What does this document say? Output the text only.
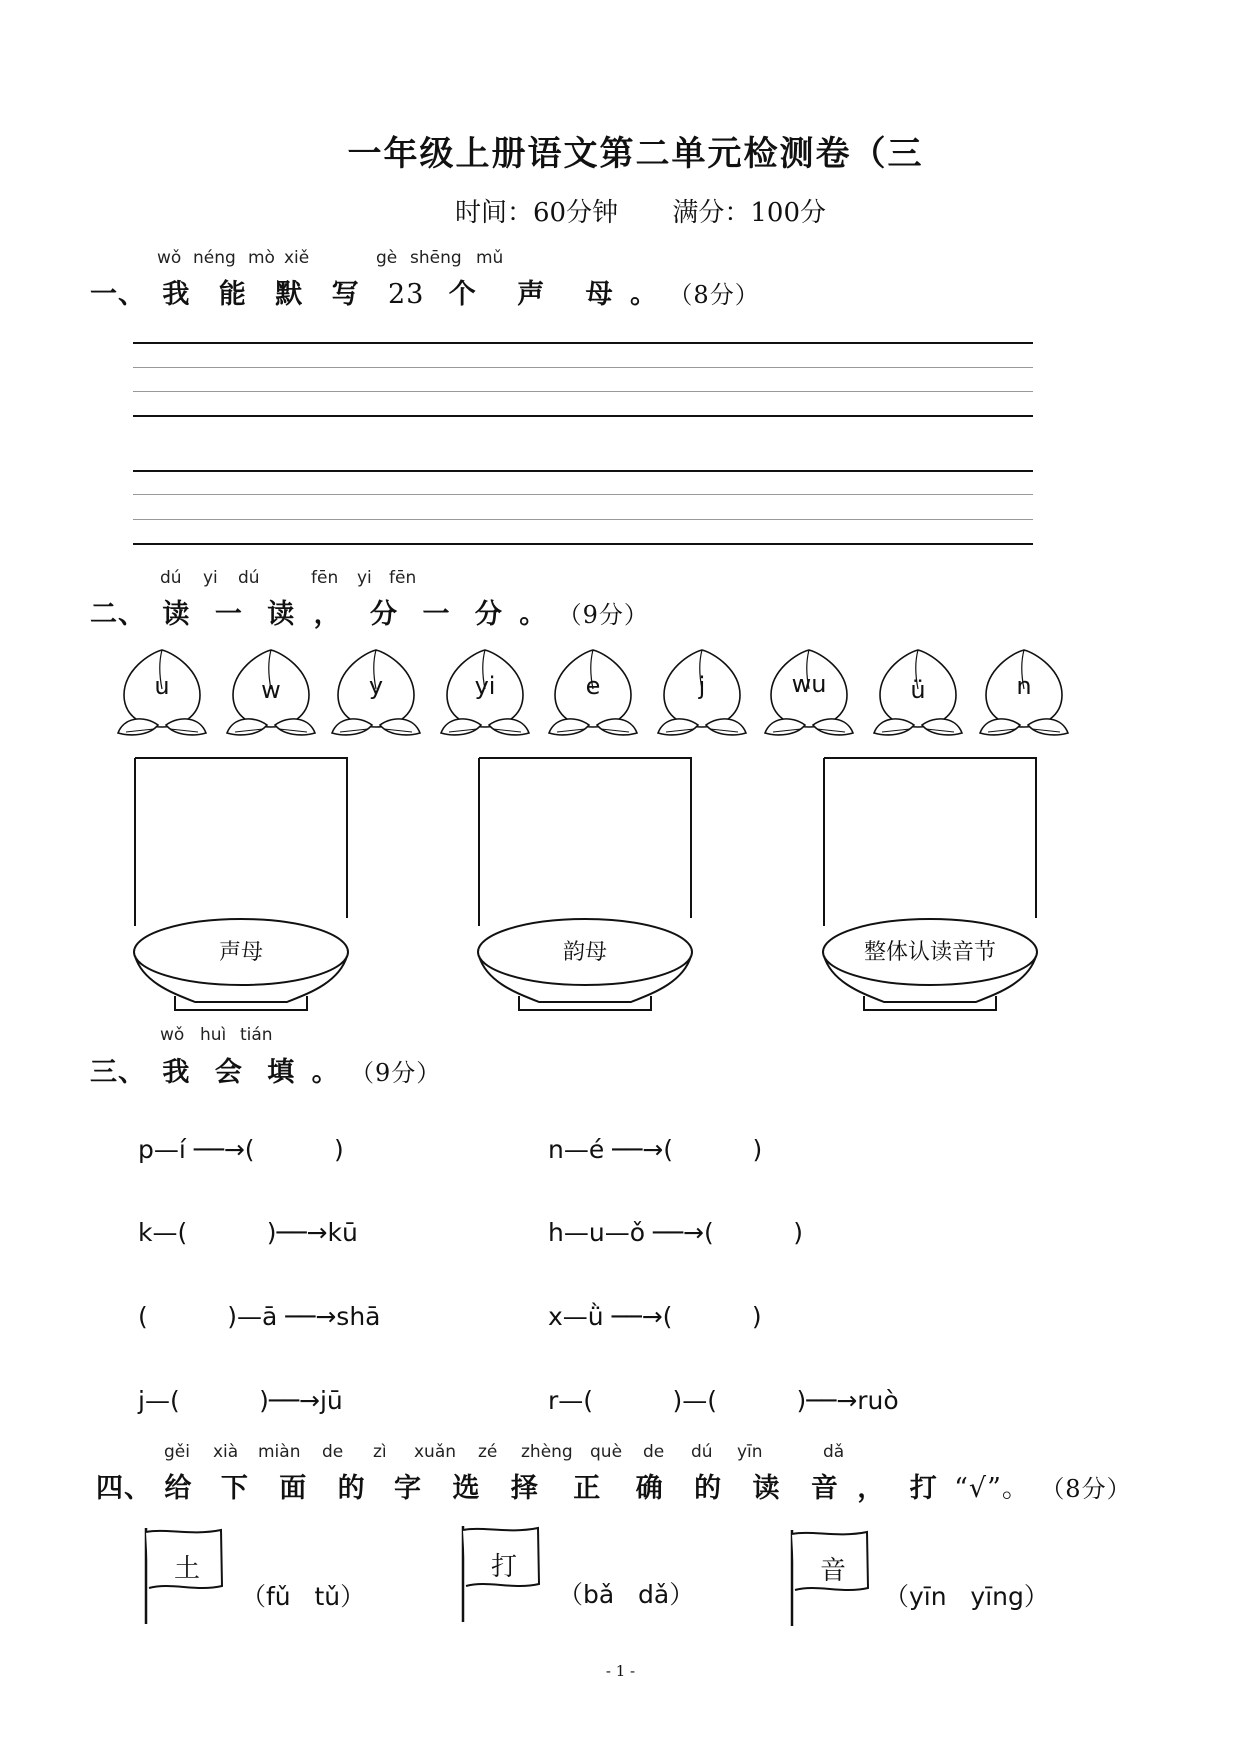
一年级上册语文第二单元检测卷（三
时间：60分钟 满分：100分
wǒ néng mò xiě	gè shēng mǔ
一、 我 能 默 写 23 个 声 母 。 （8分）
dú yi dú	fēn yi fēn
二、 读 一 读 ， 分 一 分 。 （9分）
u	w	y	yi	e	j	wu	ü	n
声母	韵母	整体认读音节
wǒ huì tián
三、 我 会 填 。 （9分）
p—í ──→(          )	n—é ──→(          )
k—(          )──→kū	h—u—ǒ ──→(          )
(          )—ā ──→shā	x—ǜ ──→(          )
j—(          )──→jū	r—(          )—(          )──→ruò
gěi xià miàn de zì xuǎn zé zhèng què de dú yīn	dǎ
四、 给 下 面 的 字 选 择 正 确 的 读 音 ， 打 “√”。 （8分）
土
（fǔ   tǔ）
打
（bǎ   dǎ）
音
（yīn   yīng）
- 1 -
